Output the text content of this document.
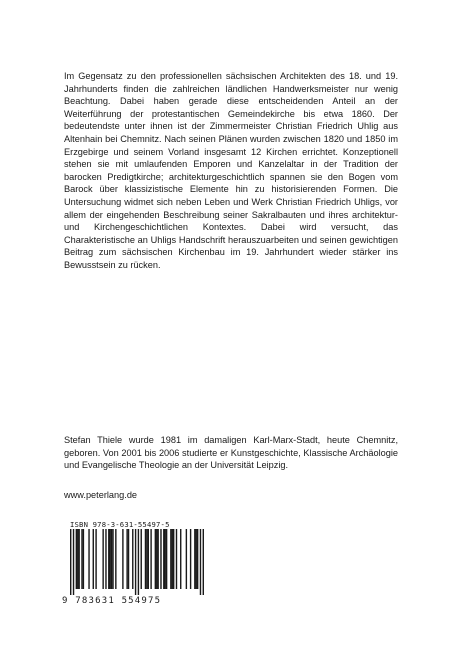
Im Gegensatz zu den professionellen sächsischen Architekten des 18. und 19. Jahrhunderts finden die zahlreichen ländlichen Handwerksmeister nur wenig Beachtung. Dabei haben gerade diese entscheidenden Anteil an der Weiterführung der protestantischen Gemeindekirche bis etwa 1860. Der bedeutendste unter ihnen ist der Zimmermeister Christian Friedrich Uhlig aus Altenhain bei Chemnitz. Nach seinen Plänen wurden zwischen 1820 und 1850 im Erzgebirge und seinem Vorland insgesamt 12 Kirchen errichtet. Konzeptionell stehen sie mit umlaufenden Emporen und Kanzelaltar in der Tradition der barocken Predigtkirche; architekturgeschichtlich spannen sie den Bogen vom Barock über klassizistische Elemente hin zu historisierenden Formen. Die Untersuchung widmet sich neben Leben und Werk Christian Friedrich Uhligs, vor allem der eingehenden Beschreibung seiner Sakralbauten und ihres architektur- und Kirchengeschichtlichen Kontextes. Dabei wird versucht, das Charakteristische an Uhligs Handschrift herauszuarbeiten und seinen gewichtigen Beitrag zum sächsischen Kirchenbau im 19. Jahrhundert wieder stärker ins Bewusstsein zu rücken.

Stefan Thiele wurde 1981 im damaligen Karl-Marx-Stadt, heute Chemnitz, geboren. Von 2001 bis 2006 studierte er Kunstgeschichte, Klassische Archäologie und Evangelische Theologie an der Universität Leipzig.

www.peterlang.de

ISBN 978-3-631-55497-5
9 783631 554975
